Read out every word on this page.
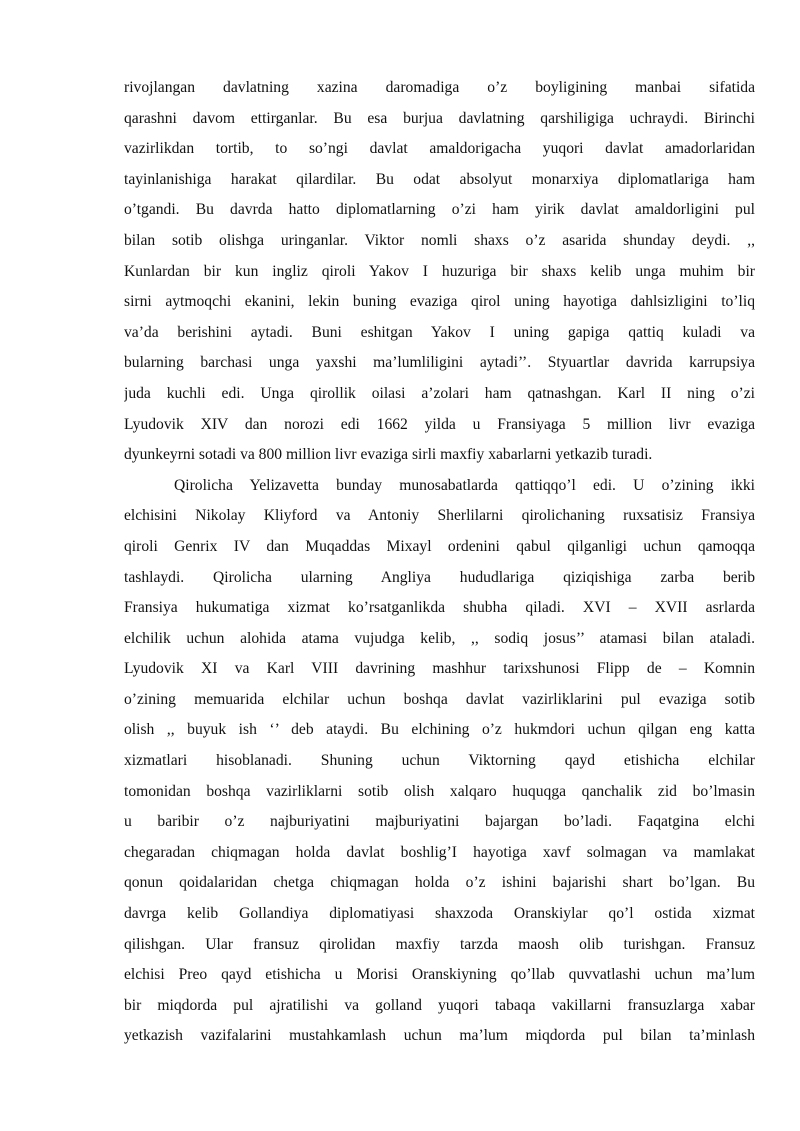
rivojlangan davlatning xazina daromadiga o’z boyligining manbai sifatida
qarashni davom ettirganlar. Bu esa burjua davlatning qarshiligiga uchraydi. Birinchi
vazirlikdan tortib, to so’ngi davlat amaldorigacha yuqori davlat amadorlaridan
tayinlanishiga harakat qilardilar. Bu odat absolyut monarxiya diplomatlariga ham
o’tgandi. Bu davrda hatto diplomatlarning o’zi ham yirik davlat amaldorligini pul
bilan sotib olishga uringanlar. Viktor nomli shaxs o’z asarida shunday deydi. ,,
Kunlardan bir kun ingliz qiroli Yakov I huzuriga bir shaxs kelib unga muhim bir
sirni aytmoqchi ekanini, lekin buning evaziga qirol uning hayotiga dahlsizligini to’liq
va’da berishini aytadi. Buni eshitgan Yakov I uning gapiga qattiq kuladi va
bularning barchasi unga yaxshi ma’lumliligini aytadi’’. Styuartlar davrida karrupsiya
juda kuchli edi. Unga qirollik oilasi a’zolari ham qatnashgan. Karl II ning o’zi
Lyudovik XIV dan norozi edi 1662 yilda u Fransiyaga 5 million livr evaziga
dyunkeyrni sotadi va 800 million livr evaziga sirli maxfiy xabarlarni yetkazib turadi.
Qirolicha Yelizavetta bunday munosabatlarda qattiqqo’l edi. U o’zining ikki
elchisini Nikolay Kliyford va Antoniy Sherlilarni qirolichaning ruxsatisiz Fransiya
qiroli Genrix IV dan Muqaddas Mixayl ordenini qabul qilganligi uchun qamoqqa
tashlaydi. Qirolicha ularning Angliya hududlariga qiziqishiga zarba berib
Fransiya hukumatiga xizmat ko’rsatganlikda shubha qiladi. XVI – XVII asrlarda
elchilik uchun alohida atama vujudga kelib, ,, sodiq josus’’ atamasi bilan ataladi.
Lyudovik XI va Karl VIII davrining mashhur tarixshunosi Flipp de – Komnin
o’zining memuarida elchilar uchun boshqa davlat vazirliklarini pul evaziga sotib
olish ,, buyuk ish ‘’ deb ataydi. Bu elchining o’z hukmdori uchun qilgan eng katta
xizmatlari hisoblanadi. Shuning uchun Viktorning qayd etishicha elchilar
tomonidan boshqa vazirliklarni sotib olish xalqaro huquqga qanchalik zid bo’lmasin
u baribir o’z najburiyatini majburiyatini bajargan bo’ladi. Faqatgina elchi
chegaradan chiqmagan holda davlat boshlig’I hayotiga xavf solmagan va mamlakat
qonun qoidalaridan chetga chiqmagan holda o’z ishini bajarishi shart bo’lgan. Bu
davrga kelib Gollandiya diplomatiyasi shaxzoda Oranskiylar qo’l ostida xizmat
qilishgan. Ular fransuz qirolidan maxfiy tarzda maosh olib turishgan. Fransuz
elchisi Preo qayd etishicha u Morisi Oranskiyning qo’llab quvvatlashi uchun ma’lum
bir miqdorda pul ajratilishi va golland yuqori tabaqa vakillarni fransuzlarga xabar
yetkazish vazifalarini mustahkamlash uchun ma’lum miqdorda pul bilan ta’minlash
